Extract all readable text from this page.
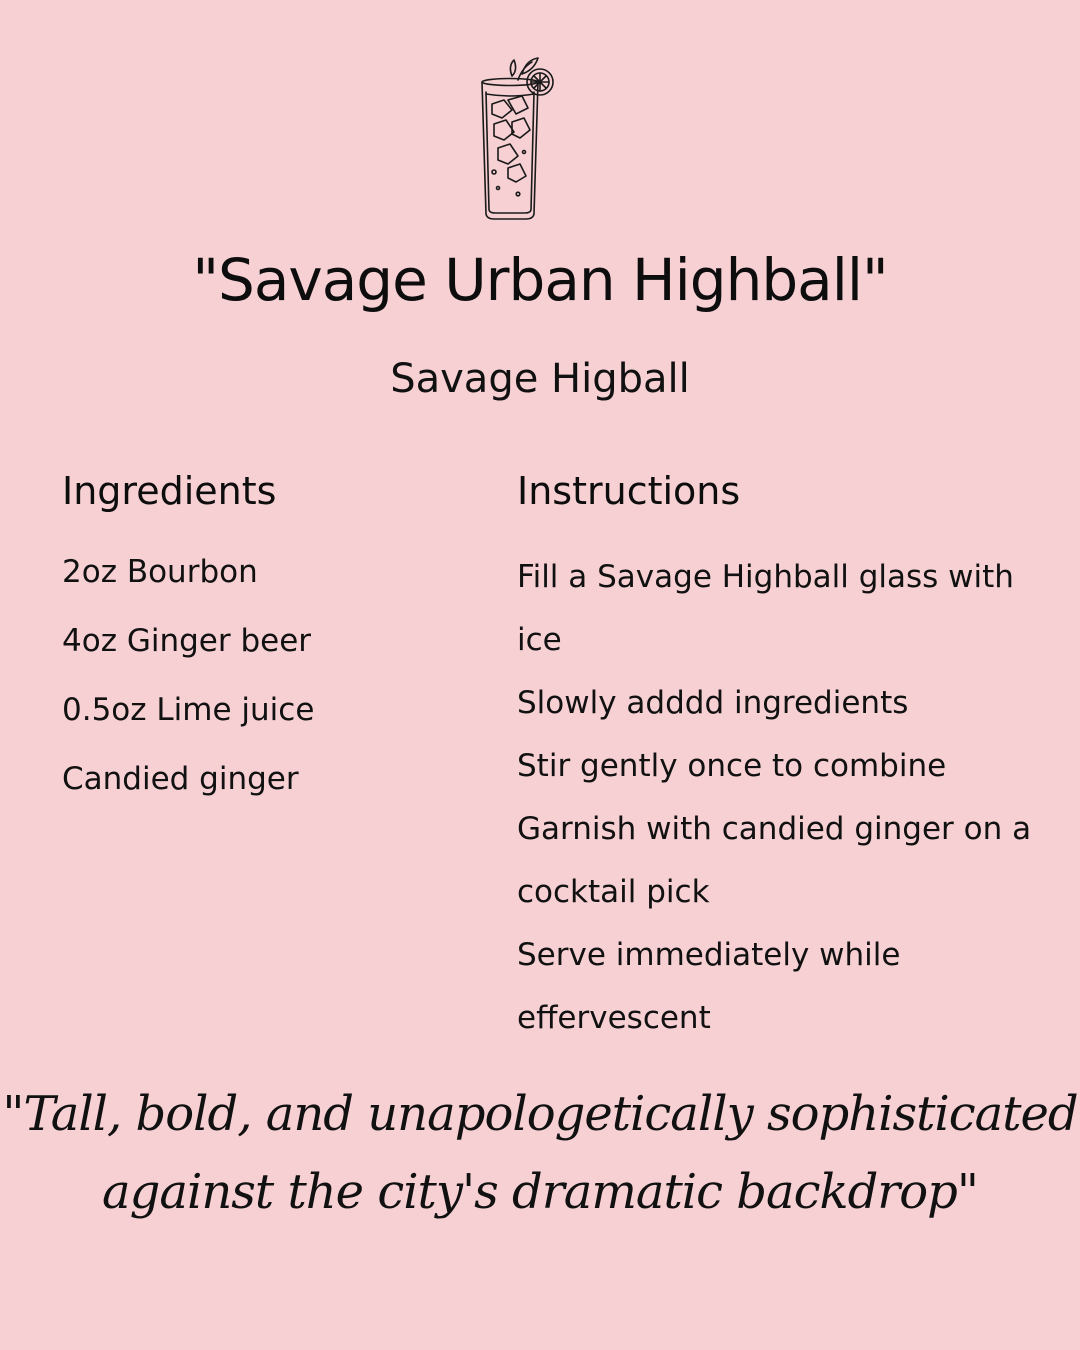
"Savage Urban Highball"
Savage Higball
Ingredients	Instructions
2oz Bourbon
4oz Ginger beer
0.5oz Lime juice
Candied ginger
Fill a Savage Highball glass with ice
Slowly adddd ingredients
Stir gently once to combine
Garnish with candied ginger on a cocktail pick
Serve immediately while effervescent
"Tall, bold, and unapologetically sophisticated
against the city's dramatic backdrop"
